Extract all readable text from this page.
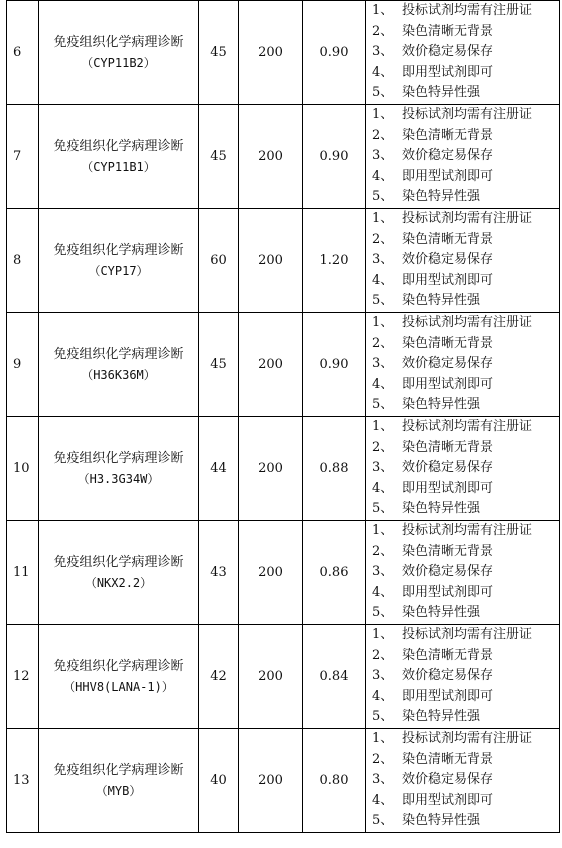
6	免疫组织化学病理诊断
（CYP11B2）	45	200	0.90	1、 投标试剂均需有注册证
2、 染色清晰无背景
3、 效价稳定易保存
4、 即用型试剂即可
5、 染色特异性强

7	免疫组织化学病理诊断
（CYP11B1）	45	200	0.90	1、 投标试剂均需有注册证
2、 染色清晰无背景
3、 效价稳定易保存
4、 即用型试剂即可
5、 染色特异性强

8	免疫组织化学病理诊断
（CYP17）	60	200	1.20	1、 投标试剂均需有注册证
2、 染色清晰无背景
3、 效价稳定易保存
4、 即用型试剂即可
5、 染色特异性强

9	免疫组织化学病理诊断
（H36K36M）	45	200	0.90	1、 投标试剂均需有注册证
2、 染色清晰无背景
3、 效价稳定易保存
4、 即用型试剂即可
5、 染色特异性强

10	免疫组织化学病理诊断
（H3.3G34W）	44	200	0.88	1、 投标试剂均需有注册证
2、 染色清晰无背景
3、 效价稳定易保存
4、 即用型试剂即可
5、 染色特异性强

11	免疫组织化学病理诊断
（NKX2.2）	43	200	0.86	1、 投标试剂均需有注册证
2、 染色清晰无背景
3、 效价稳定易保存
4、 即用型试剂即可
5、 染色特异性强

12	免疫组织化学病理诊断
（HHV8(LANA-1)）	42	200	0.84	1、 投标试剂均需有注册证
2、 染色清晰无背景
3、 效价稳定易保存
4、 即用型试剂即可
5、 染色特异性强

13	免疫组织化学病理诊断
（MYB）	40	200	0.80	1、 投标试剂均需有注册证
2、 染色清晰无背景
3、 效价稳定易保存
4、 即用型试剂即可
5、 染色特异性强
